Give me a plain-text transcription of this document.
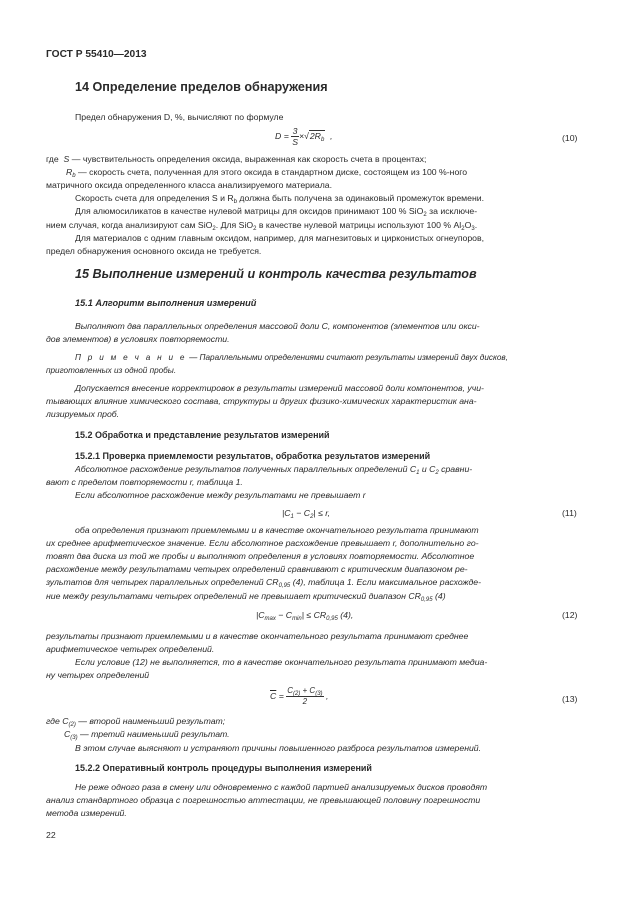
ГОСТ Р 55410—2013
14 Определение пределов обнаружения
Предел обнаружения D, %, вычисляют по формуле
$D = \frac{3}{S} \times√2R_b$ ,	(10)
где S — чувствительность определения оксида, выраженная как скорость счета в процентах;
$R_b$ — скорость счета, полученная для этого оксида в стандартном диске, состоящем из 100 %-ного
матричного оксида определенного класса анализируемого материала.
Скорость счета для определения S и $R_b$ должна быть получена за одинаковый промежуток времени.
Для алюмосиликатов в качестве нулевой матрицы для оксидов принимают 100 % SiO$_2$ за исключе-
нием случая, когда анализируют сам SiO$_2$. Для SiO$_2$ в качестве нулевой матрицы используют 100 % $Al_2O_3$.
Для материалов с одним главным оксидом, например, для магнезитовых и цирконистых огнеупоров,
предел обнаружения основного оксида не требуется.
15 Выполнение измерений и контроль качества результатов
15.1 Алгоритм выполнения измерений
Выполняют два параллельных определения массовой доли С, компонентов (элементов или окси-
дов элементов) в условиях повторяемости.
П р и м е ч а н и е — Параллельными определениями считают результаты измерений двух дисков,
приготовленных из одной пробы.
Допускается внесение корректировок в результаты измерений массовой доли компонентов, учи-
тывающих влияние химического состава, структуры и других физико-химических характеристик ана-
лизируемых проб.
15.2 Обработка и представление результатов измерений
15.2.1 Проверка приемлемости результатов, обработка результатов измерений
Абсолютное расхождение результатов полученных параллельных определений $С_1$ и $С_2$ сравни-
вают с пределом повторяемости r, таблица 1.
Если абсолютное расхождение между результатами не превышает r
$|C_1 - C_2| \le r$,	(11)
оба определения признают приемлемыми и в качестве окончательного результата принимают
их среднее арифметическое значение. Если абсолютное расхождение превышает r, дополнительно го-
товят два диска из той же пробы и выполняют определения в условиях повторяемости. Абсолютное
расхождение между результатами четырех определений сравнивают с критическим диапазоном ре-
зультатов для четырех параллельных определений $CR_{0,95}$ (4), таблица 1. Если максимальное расхожде-
ние между результатами четырех определений не превышает критический диапазон $CR_{0,95}$ (4)
$|C_{max} - C_{min}| \le CR_{0,95}$ (4),	(12)
результаты признают приемлемыми и в качестве окончательного результата принимают среднее
арифметическое четырех определений.
Если условие (12) не выполняется, то в качестве окончательного результата принимают медиа-
ну четырех определений
$\overline{C} = \frac{C_{(2)} + C_{(3)}}{2}$ ,	(13)
где $C_{(2)}$ — второй наименьший результат;
$C_{(3)}$ — третий наименьший результат.
В этом случае выясняют и устраняют причины повышенного разброса результатов измерений.
15.2.2 Оперативный контроль процедуры выполнения измерений
Не реже одного раза в смену или одновременно с каждой партией анализируемых дисков проводят
анализ стандартного образца с погрешностью аттестации, не превышающей половину погрешности
метода измерений.
22
